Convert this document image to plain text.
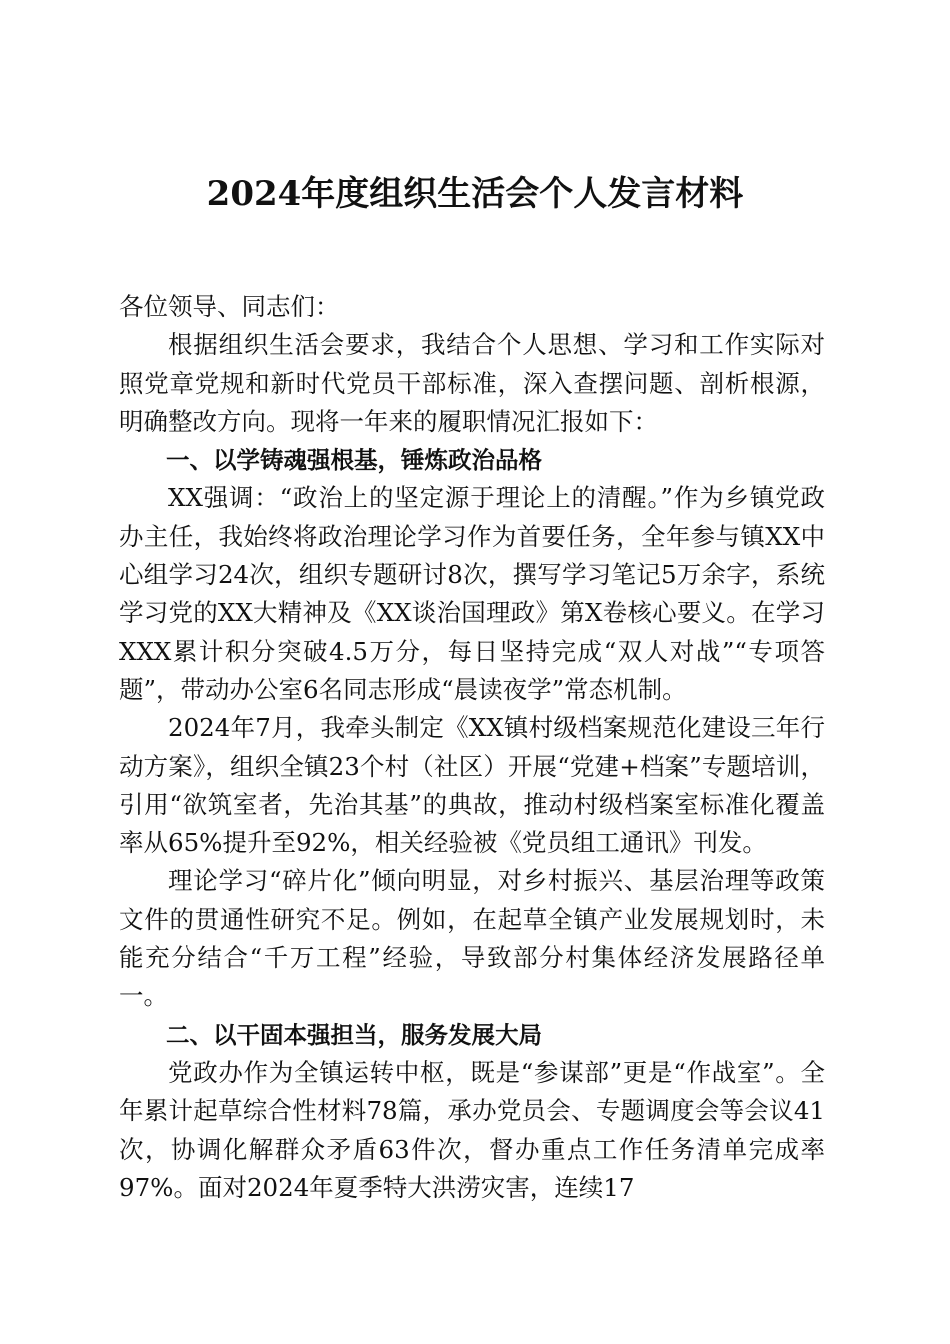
2024年度组织生活会个人发言材料

各位领导、同志们：

根据组织生活会要求，我结合个人思想、学习和工作实际对照党章党规和新时代党员干部标准，深入查摆问题、剖析根源，明确整改方向。现将一年来的履职情况汇报如下：

一、以学铸魂强根基，锤炼政治品格

XX强调：“政治上的坚定源于理论上的清醒。”作为乡镇党政办主任，我始终将政治理论学习作为首要任务，全年参与镇XX中心组学习24次，组织专题研讨8次，撰写学习笔记5万余字，系统学习党的XX大精神及《XX谈治国理政》第X卷核心要义。在学习XXX累计积分突破4.5万分，每日坚持完成“双人对战”“专项答题”，带动办公室6名同志形成“晨读夜学”常态机制。

2024年7月，我牵头制定《XX镇村级档案规范化建设三年行动方案》，组织全镇23个村（社区）开展“党建+档案”专题培训，引用“欲筑室者，先治其基”的典故，推动村级档案室标准化覆盖率从65%提升至92%，相关经验被《党员组工通讯》刊发。

理论学习“碎片化”倾向明显，对乡村振兴、基层治理等政策文件的贯通性研究不足。例如，在起草全镇产业发展规划时，未能充分结合“千万工程”经验，导致部分村集体经济发展路径单一。

二、以干固本强担当，服务发展大局

党政办作为全镇运转中枢，既是“参谋部”更是“作战室”。全年累计起草综合性材料78篇，承办党员会、专题调度会等会议41次，协调化解群众矛盾63件次，督办重点工作任务清单完成率97%。面对2024年夏季特大洪涝灾害，连续17
